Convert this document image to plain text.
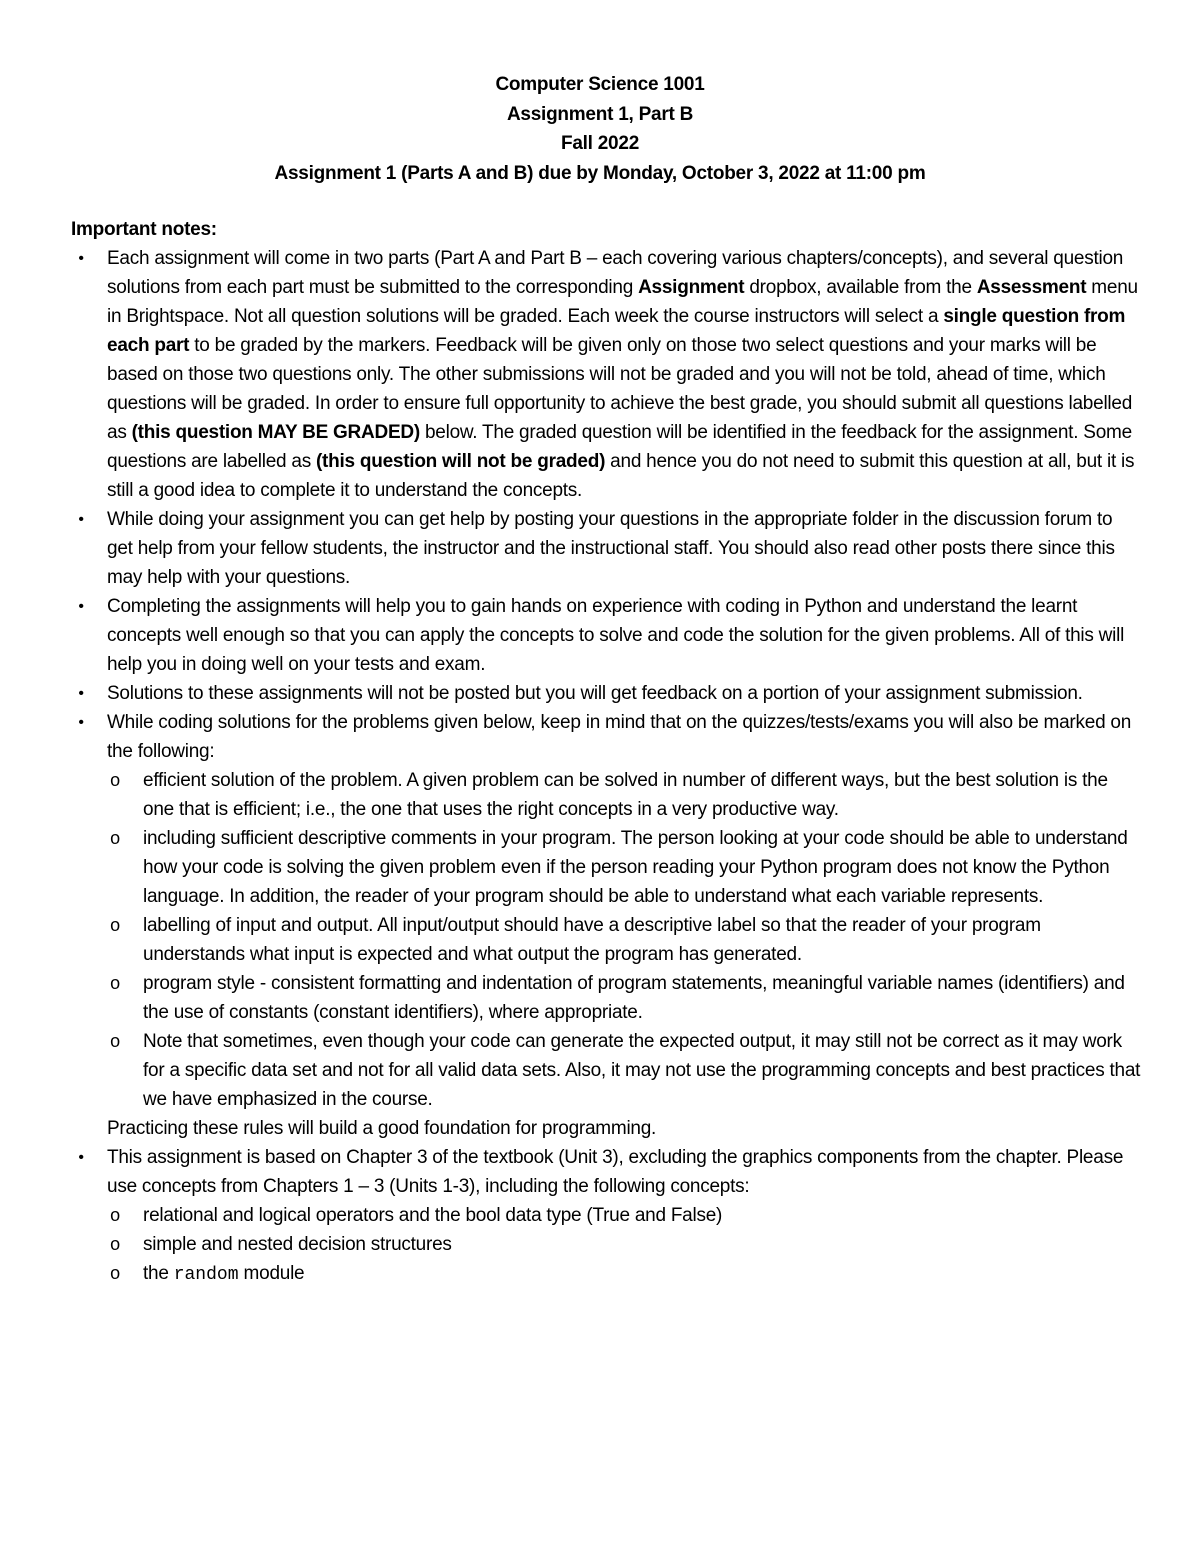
Computer Science 1001
Assignment 1, Part B
Fall 2022
Assignment 1 (Parts A and B) due by Monday, October 3, 2022 at 11:00 pm
Important notes:
•	Each assignment will come in two parts (Part A and Part B – each covering various chapters/concepts), and several question solutions from each part must be submitted to the corresponding Assignment dropbox, available from the Assessment menu in Brightspace. Not all question solutions will be graded. Each week the course instructors will select a single question from each part to be graded by the markers. Feedback will be given only on those two select questions and your marks will be based on those two questions only. The other submissions will not be graded and you will not be told, ahead of time, which questions will be graded. In order to ensure full opportunity to achieve the best grade, you should submit all questions labelled as (this question MAY BE GRADED) below. The graded question will be identified in the feedback for the assignment. Some questions are labelled as (this question will not be graded) and hence you do not need to submit this question at all, but it is still a good idea to complete it to understand the concepts.
•	While doing your assignment you can get help by posting your questions in the appropriate folder in the discussion forum to get help from your fellow students, the instructor and the instructional staff. You should also read other posts there since this may help with your questions.
•	Completing the assignments will help you to gain hands on experience with coding in Python and understand the learnt concepts well enough so that you can apply the concepts to solve and code the solution for the given problems. All of this will help you in doing well on your tests and exam.
•	Solutions to these assignments will not be posted but you will get feedback on a portion of your assignment submission.
•	While coding solutions for the problems given below, keep in mind that on the quizzes/tests/exams you will also be marked on the following:
o efficient solution of the problem. A given problem can be solved in number of different ways, but the best solution is the one that is efficient; i.e., the one that uses the right concepts in a very productive way.
o including sufficient descriptive comments in your program. The person looking at your code should be able to understand how your code is solving the given problem even if the person reading your Python program does not know the Python language. In addition, the reader of your program should be able to understand what each variable represents.
o labelling of input and output. All input/output should have a descriptive label so that the reader of your program understands what input is expected and what output the program has generated.
o program style - consistent formatting and indentation of program statements, meaningful variable names (identifiers) and the use of constants (constant identifiers), where appropriate.
o Note that sometimes, even though your code can generate the expected output, it may still not be correct as it may work for a specific data set and not for all valid data sets. Also, it may not use the programming concepts and best practices that we have emphasized in the course.
Practicing these rules will build a good foundation for programming.
•	This assignment is based on Chapter 3 of the textbook (Unit 3), excluding the graphics components from the chapter. Please use concepts from Chapters 1 – 3 (Units 1-3), including the following concepts:
o relational and logical operators and the bool data type (True and False)
o simple and nested decision structures
o the random module
